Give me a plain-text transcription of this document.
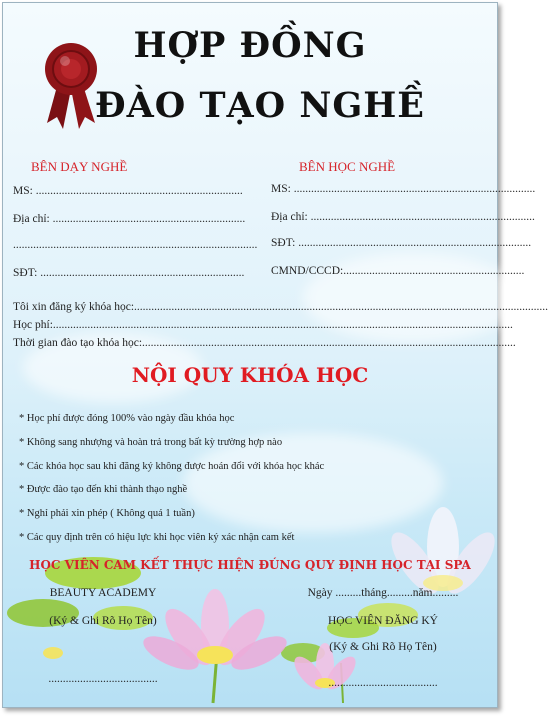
HỢP ĐỒNG
ĐÀO TẠO NGHỀ
BÊN DẠY NGHỀ
MS: ........................................................................
Địa chỉ: ...................................................................
.....................................................................................
SĐT: .......................................................................
BÊN HỌC NGHỀ
MS: ....................................................................................
Địa chỉ: ..............................................................................
SĐT: .................................................................................
CMND/CCCD:...............................................................
Tôi xin đăng ký khóa học:................................................................................................................................................
Học phí:................................................................................................................................................................
Thời gian đào tạo khóa học:..................................................................................................................................
NỘI QUY KHÓA HỌC
* Học phí được đóng 100% vào ngày đầu khóa học
* Không sang nhượng và hoàn trả trong bất kỳ trường hợp nào
* Các khóa học sau khi đăng ký không được hoán đổi với khóa học khác
* Được đào tạo đến khi thành thạo nghề
* Nghỉ phải xin phép ( Không quá 1 tuần)
* Các quy định trên có hiệu lực khi học viên ký xác nhận cam kết
HỌC VIÊN CAM KẾT THỰC HIỆN ĐÚNG QUY ĐỊNH HỌC TẠI SPA
BEAUTY ACADEMY
(Ký & Ghi Rõ Họ Tên)
......................................
Ngày .........tháng.........năm.........
HỌC VIÊN ĐĂNG KÝ
(Ký & Ghi Rõ Họ Tên)
......................................
